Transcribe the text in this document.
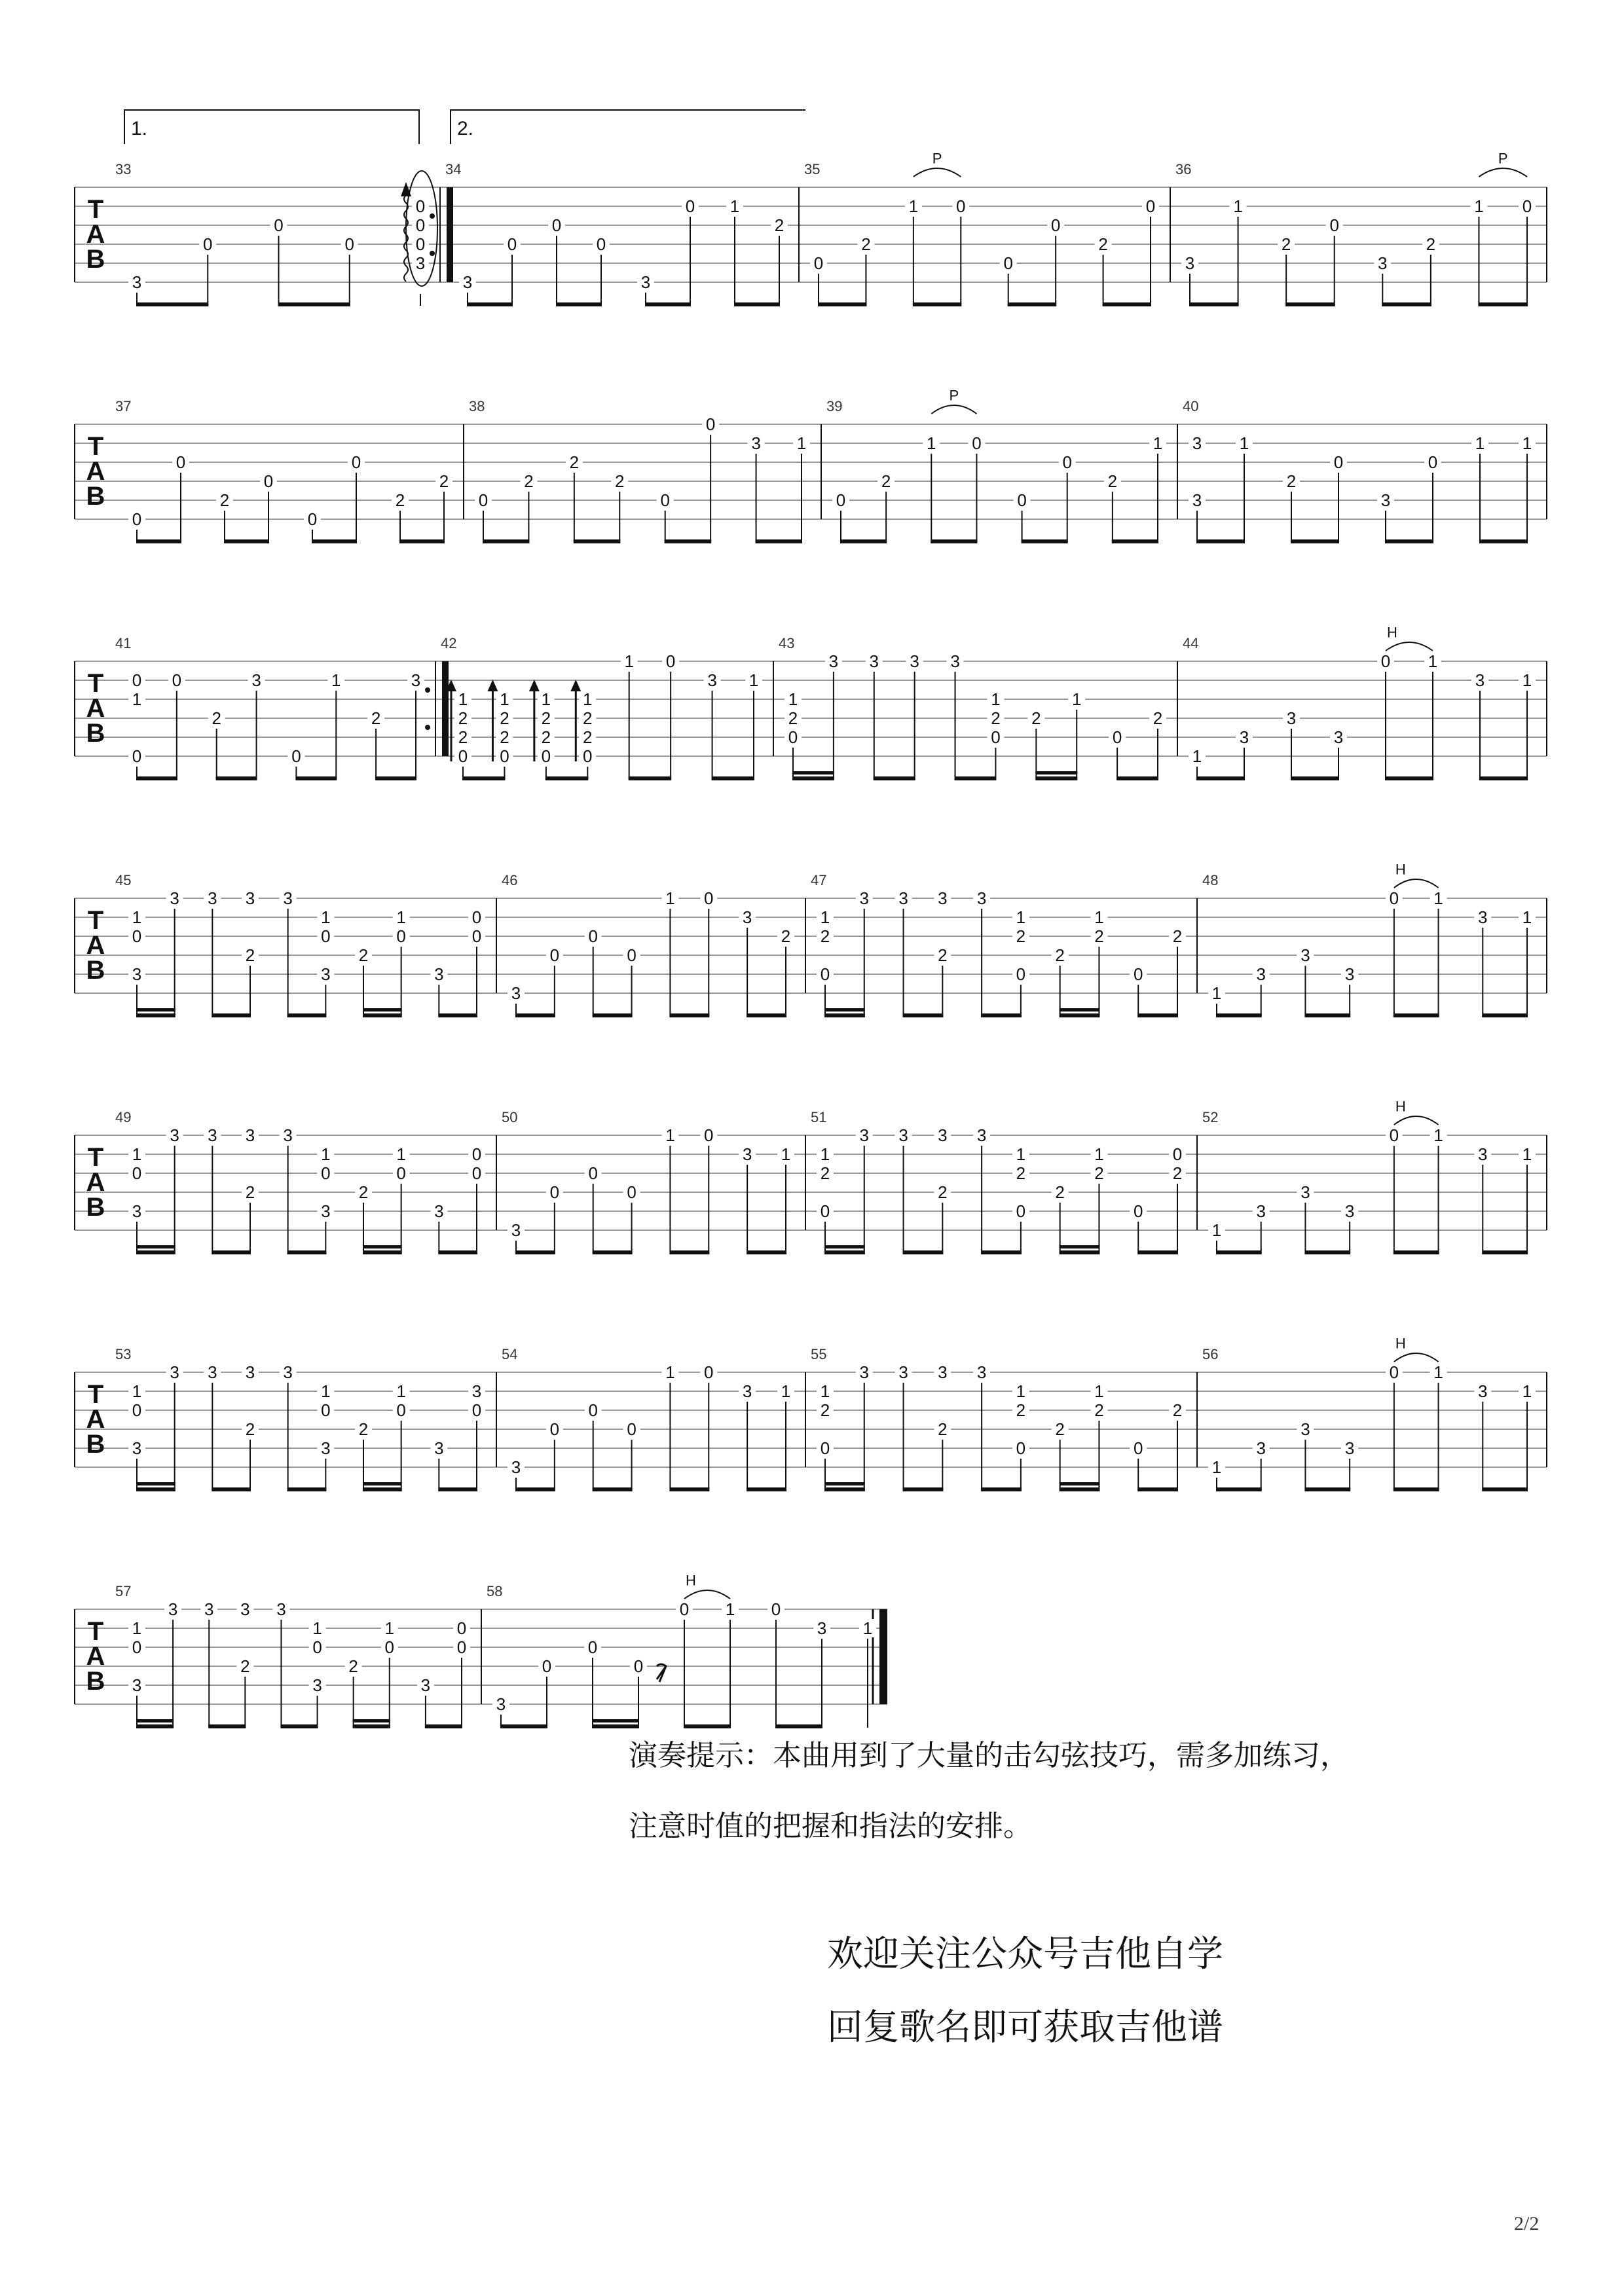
T
A
B
33
3
0
0
0
0
0
0
3
34
3
0
0
0
3
0 1
2
35
0
2
1
P
0
0
0
2
0
36
3
1
2
0
3
2
1
P
0
T
A
B
37
0
0
2
0
0
0
2
2
38
0
2
2
2
0
0
3 1
39
0
2
1
P
0
0
0
2
1
40
3
3
1
2
0
3
0
1 1
T
A
B
41
0
1
0
0
2
3
0
1
2
3
42
1
2
2
0
1
2
2
0
1
2
2
0
1
2
2
0
1 0
3 1
43
1
2
0
3 3 3 3
1
2
0
2
1
0
2
44
1
3
3
3
0
H
1
3 1
T
A
B
45
1
0
3
3 3 3
2
3
1
0
3
2
1
0
3
0
0
46
3
0
0
0
1 0
3
2
47
1
2
0
3 3 3
2
3
1
2
0
2
1
2
0
2
48
1
3
3
3
0
H
1
3 1
T
A
B
49
1
0
3
3 3 3
2
3
1
0
3
2
1
0
3
0
0
50
3
0
0
0
1 0
3 1
51
1
2
0
3 3 3
2
3
1
2
0
2
1
2
0
0
2
52
1
3
3
3
0
H
1
3 1
T
A
B
53
1
0
3
3 3 3
2
3
1
0
3
2
1
0
3
3
0
54
3
0
0
0
1 0
3 1
55
1
2
0
3 3 3
2
3
1
2
0
2
1
2
0
2
56
1
3
3
3
0
H
1
3 1
T
A
B
57
1
0
3
3 3 3
2
3
1
0
3
2
1
0
3
0
0
58
3
0
0
0
0
H
1 0
3 1
1.	2.

演奏提示：本曲用到了大量的击勾弦技巧，需多加练习，

注意时值的把握和指法的安排。

欢迎关注公众号吉他自学

回复歌名即可获取吉他谱

2/2
